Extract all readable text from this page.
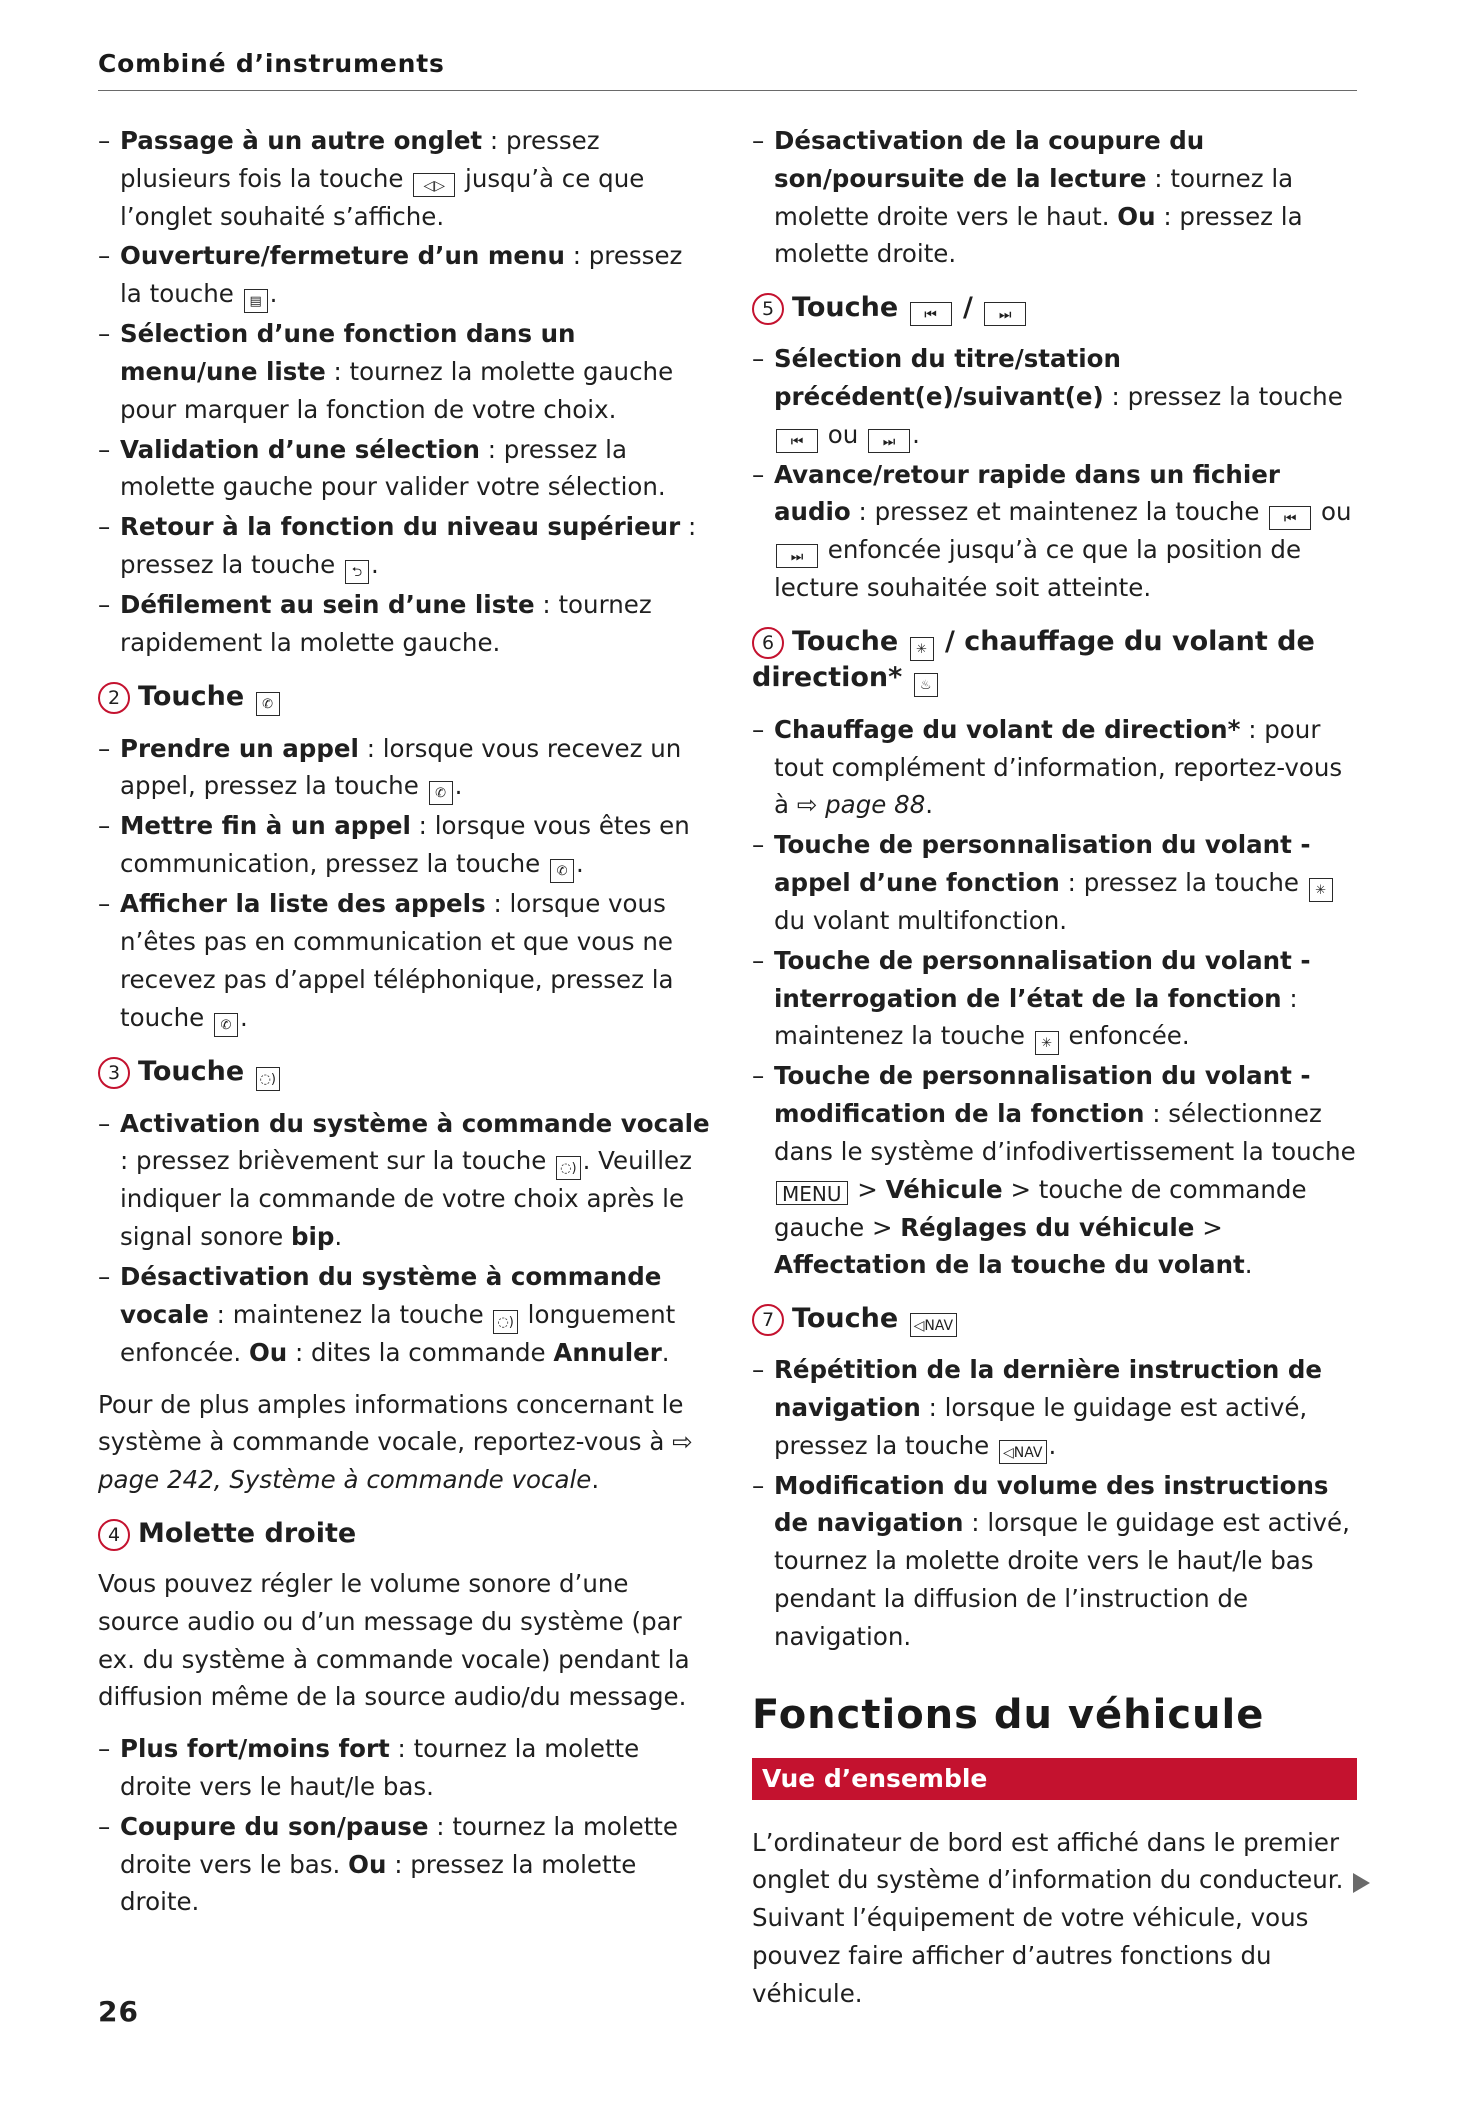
Combiné d’instruments
– Passage à un autre onglet : pressez plusieurs fois la touche ◁▷ jusqu’à ce que l’onglet souhaité s’affiche.
– Ouverture/fermeture d’un menu : pressez la touche ▤ .
– Sélection d’une fonction dans un menu/une liste : tournez la molette gauche pour marquer la fonction de votre choix.
– Validation d’une sélection : pressez la molette gauche pour valider votre sélection.
– Retour à la fonction du niveau supérieur : pressez la touche ⮌ .
– Défilement au sein d’une liste : tournez rapidement la molette gauche.
2 Touche ✆
– Prendre un appel : lorsque vous recevez un appel, pressez la touche ✆ .
– Mettre fin à un appel : lorsque vous êtes en communication, pressez la touche ✆ .
– Afficher la liste des appels : lorsque vous n’êtes pas en communication et que vous ne recevez pas d’appel téléphonique, pressez la touche ✆ .
3 Touche ◌)
– Activation du système à commande vocale : pressez brièvement sur la touche ◌) . Veuillez indiquer la commande de votre choix après le signal sonore bip.
– Désactivation du système à commande vocale : maintenez la touche ◌) longuement enfoncée. Ou : dites la commande Annuler.

Pour de plus amples informations concernant le système à commande vocale, reportez-vous à ⇨ page 242, Système à commande vocale.

4 Molette droite

Vous pouvez régler le volume sonore d’une source audio ou d’un message du système (par ex. du système à commande vocale) pendant la diffusion même de la source audio/du message.

– Plus fort/moins fort : tournez la molette droite vers le haut/le bas.
– Coupure du son/pause : tournez la molette droite vers le bas. Ou : pressez la molette droite.
– Désactivation de la coupure du son/poursuite de la lecture : tournez la molette droite vers le haut. Ou : pressez la molette droite.
5 Touche ⏮ / ⏭
– Sélection du titre/station précédent(e)/suivant(e) : pressez la touche ⏮ ou ⏭ .
– Avance/retour rapide dans un fichier audio : pressez et maintenez la touche ⏮ ou ⏭ enfoncée jusqu’à ce que la position de lecture souhaitée soit atteinte.
6 Touche ✳ / chauffage du volant de direction* ♨
– Chauffage du volant de direction* : pour tout complément d’information, reportez-vous à ⇨ page 88.
– Touche de personnalisation du volant - appel d’une fonction : pressez la touche ✳ du volant multifonction.
– Touche de personnalisation du volant - interrogation de l’état de la fonction : maintenez la touche ✳ enfoncée.
– Touche de personnalisation du volant - modification de la fonction : sélectionnez dans le système d’infodivertissement la touche MENU > Véhicule > touche de commande gauche > Réglages du véhicule > Affectation de la touche du volant.
7 Touche ◁NAV
– Répétition de la dernière instruction de navigation : lorsque le guidage est activé, pressez la touche ◁NAV .
– Modification du volume des instructions de navigation : lorsque le guidage est activé, tournez la molette droite vers le haut/le bas pendant la diffusion de l’instruction de navigation.
Fonctions du véhicule
Vue d’ensemble

L’ordinateur de bord est affiché dans le premier onglet du système d’information du conducteur. Suivant l’équipement de votre véhicule, vous pouvez faire afficher d’autres fonctions du véhicule.

26
